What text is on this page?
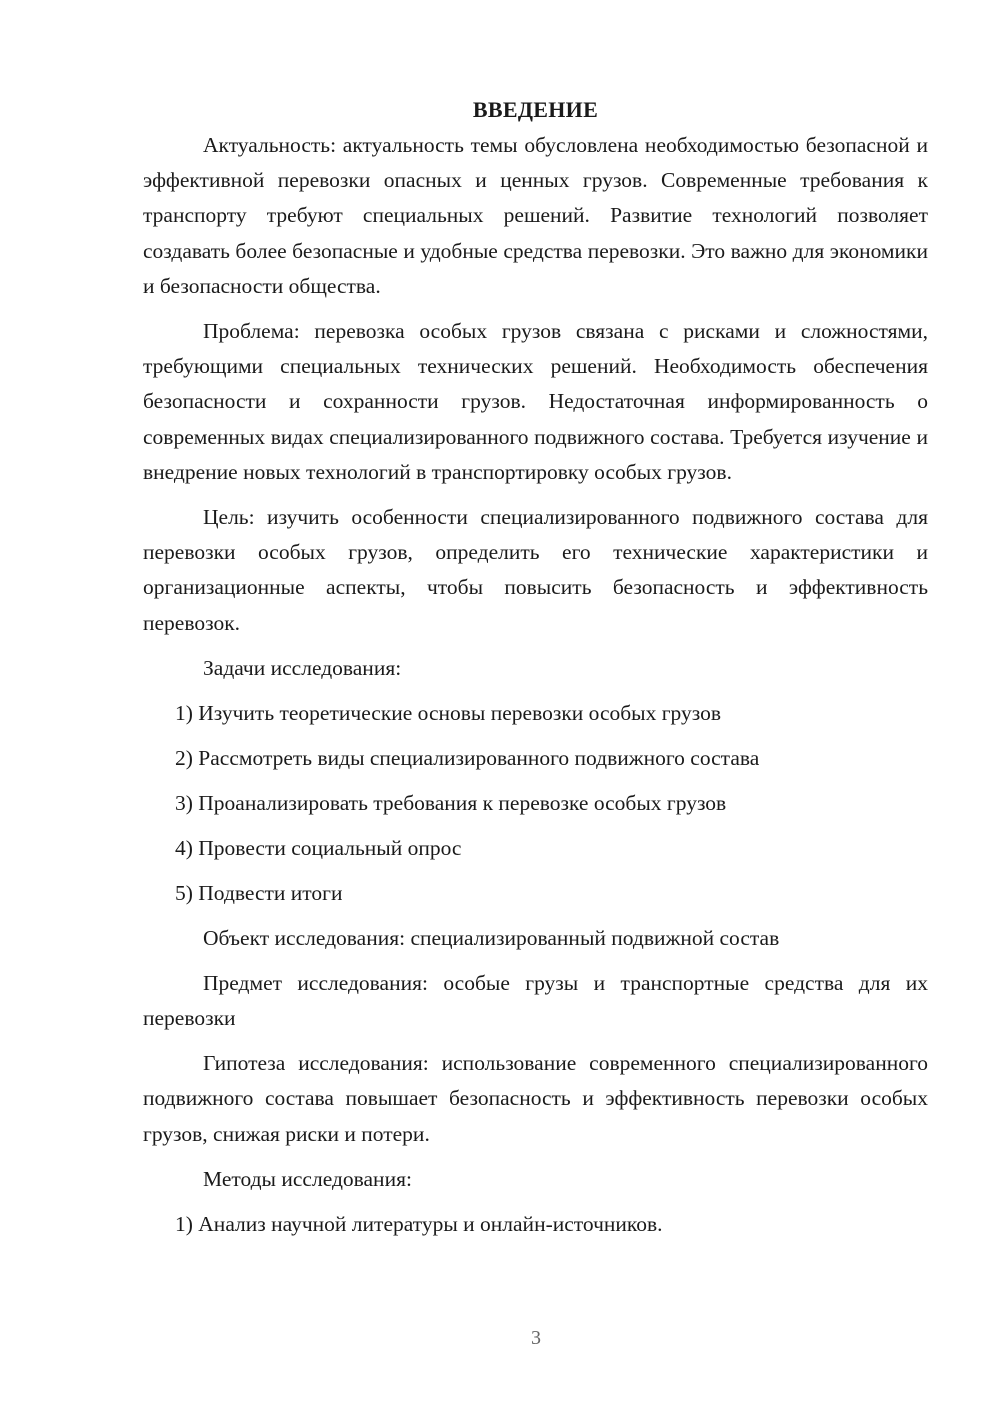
ВВЕДЕНИЕ

Актуальность: актуальность темы обусловлена необходимостью безопасной и эффективной перевозки опасных и ценных грузов. Современные требования к транспорту требуют специальных решений. Развитие технологий позволяет создавать более безопасные и удобные средства перевозки. Это важно для экономики и безопасности общества.

Проблема: перевозка особых грузов связана с рисками и сложностями, требующими специальных технических решений. Необходимость обеспечения безопасности и сохранности грузов. Недостаточная информированность о современных видах специализированного подвижного состава. Требуется изучение и внедрение новых технологий в транспортировку особых грузов.

Цель: изучить особенности специализированного подвижного состава для перевозки особых грузов, определить его технические характеристики и организационные аспекты, чтобы повысить безопасность и эффективность перевозок.

Задачи исследования:
1) Изучить теоретические основы перевозки особых грузов
2) Рассмотреть виды специализированного подвижного состава
3) Проанализировать требования к перевозке особых грузов
4) Провести социальный опрос
5) Подвести итоги
Объект исследования: специализированный подвижной состав

Предмет исследования: особые грузы и транспортные средства для их перевозки

Гипотеза исследования: использование современного специализированного подвижного состава повышает безопасность и эффективность перевозки особых грузов, снижая риски и потери.

Методы исследования:
1) Анализ научной литературы и онлайн-источников.
3
